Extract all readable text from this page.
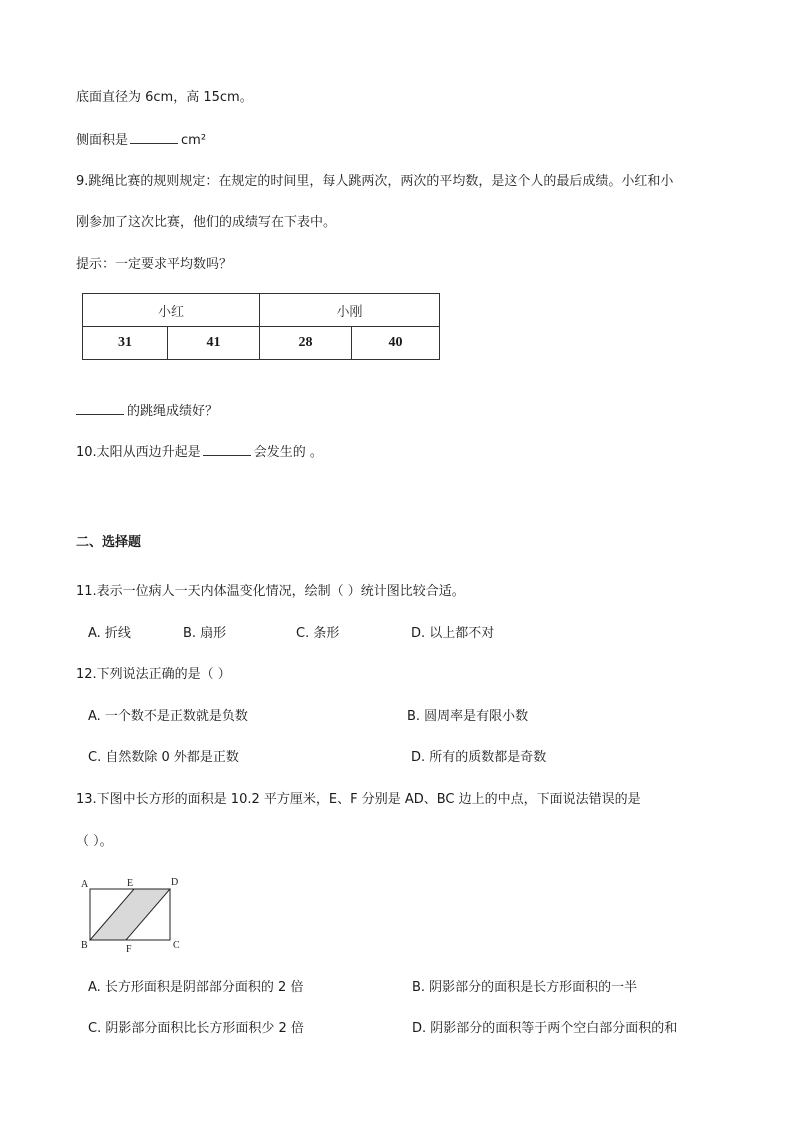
底面直径为 6cm，高 15cm。
侧面积是	cm²
9.跳绳比赛的规则规定：在规定的时间里，每人跳两次，两次的平均数，是这个人的最后成绩。小红和小
刚参加了这次比赛，他们的成绩写在下表中。
提示：一定要求平均数吗？
小红		小刚	
31	41	28	40
的跳绳成绩好？
10.太阳从西边升起是	会发生的 。
二、选择题
11.表示一位病人一天内体温变化情况，绘制（ ）统计图比较合适。
A. 折线	B. 扇形	C. 条形	D. 以上都不对
12.下列说法正确的是（ ）
A. 一个数不是正数就是负数	B. 圆周率是有限小数
C. 自然数除 0 外都是正数	D. 所有的质数都是奇数
13.下图中长方形的面积是 10.2 平方厘米，E、F 分别是 AD、BC 边上的中点，下面说法错误的是
（ ）。
A	E	D
B	F	C
A. 长方形面积是阴部部分面积的 2 倍	B. 阴影部分的面积是长方形面积的一半
C. 阴影部分面积比长方形面积少 2 倍	D. 阴影部分的面积等于两个空白部分面积的和
